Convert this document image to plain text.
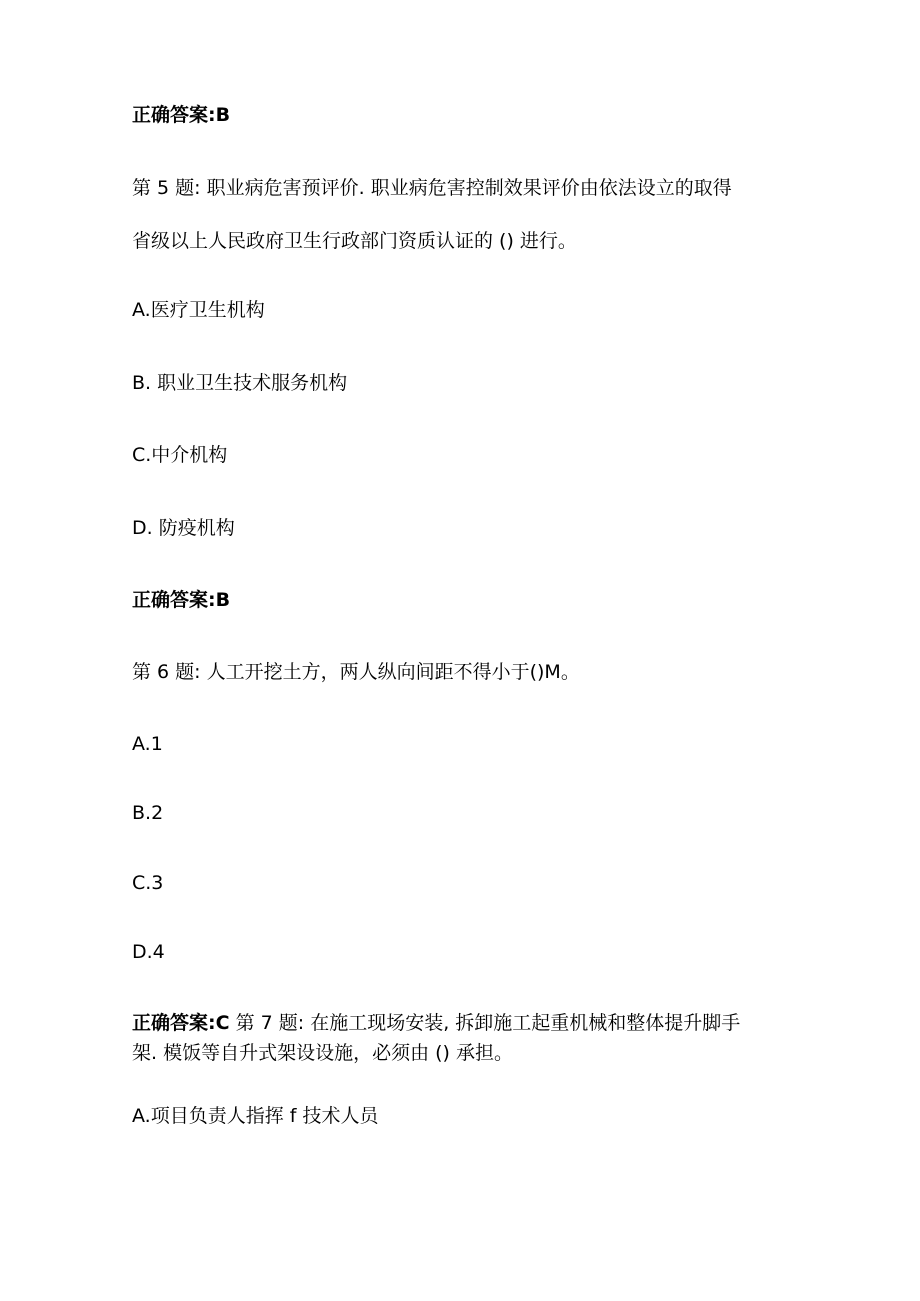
正确答案:B

第 5 题: 职业病危害预评价. 职业病危害控制效果评价由依法设立的取得

省级以上人民政府卫生行政部门资质认证的 () 进行。

A.医疗卫生机构

B. 职业卫生技术服务机构

C.中介机构

D. 防疫机构

正确答案:B

第 6 题: 人工开挖土方，两人纵向间距不得小于()M。

A.1

B.2

C.3

D.4

正确答案:C 第 7 题: 在施工现场安装, 拆卸施工起重机械和整体提升脚手

架. 模饭等自升式架设设施，必须由 () 承担。

A.项目负责人指挥 f 技术人员
